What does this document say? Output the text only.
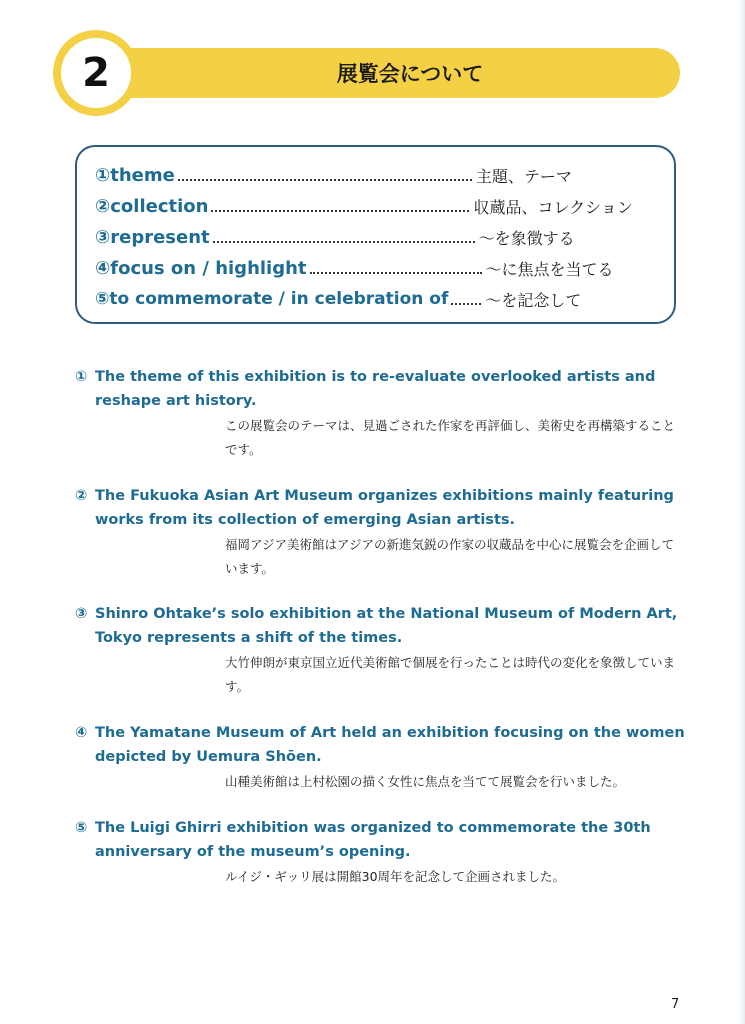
2	展覧会について
①theme	主題、テーマ
②collection	収蔵品、コレクション
③represent	～を象徴する
④focus on / highlight	～に焦点を当てる
⑤to commemorate / in celebration of ～を記念して
① The theme of this exhibition is to re-evaluate overlooked artists and reshape art history.
この展覧会のテーマは、見過ごされた作家を再評価し、美術史を再構築することです。
② The Fukuoka Asian Art Museum organizes exhibitions mainly featuring works from its collection of emerging Asian artists.
福岡アジア美術館はアジアの新進気鋭の作家の収蔵品を中心に展覧会を企画しています。
③ Shinro Ohtake’s solo exhibition at the National Museum of Modern Art, Tokyo represents a shift of the times.
大竹伸朗が東京国立近代美術館で個展を行ったことは時代の変化を象徴しています。
④ The Yamatane Museum of Art held an exhibition focusing on the women depicted by Uemura Shōen.
山種美術館は上村松園の描く女性に焦点を当てて展覧会を行いました。
⑤ The Luigi Ghirri exhibition was organized to commemorate the 30th anniversary of the museum’s opening.
ルイジ・ギッリ展は開館30周年を記念して企画されました。
7
